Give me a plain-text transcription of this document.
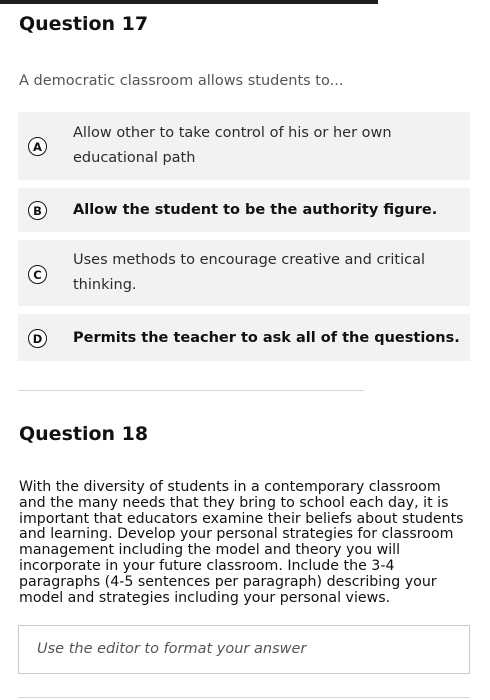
Question 17
A democratic classroom allows students to...
A
Allow other to take control of his or her own educational path
B	Allow the student to be the authority figure.
C
Uses methods to encourage creative and critical thinking.
D	Permits the teacher to ask all of the questions.
Question 18
With the diversity of students in a contemporary classroom and the many needs that they bring to school each day, it is important that educators examine their beliefs about students and learning. Develop your personal strategies for classroom management including the model and theory you will incorporate in your future classroom. Include the 3-4 paragraphs (4-5 sentences per paragraph) describing your model and strategies including your personal views.
Use the editor to format your answer
